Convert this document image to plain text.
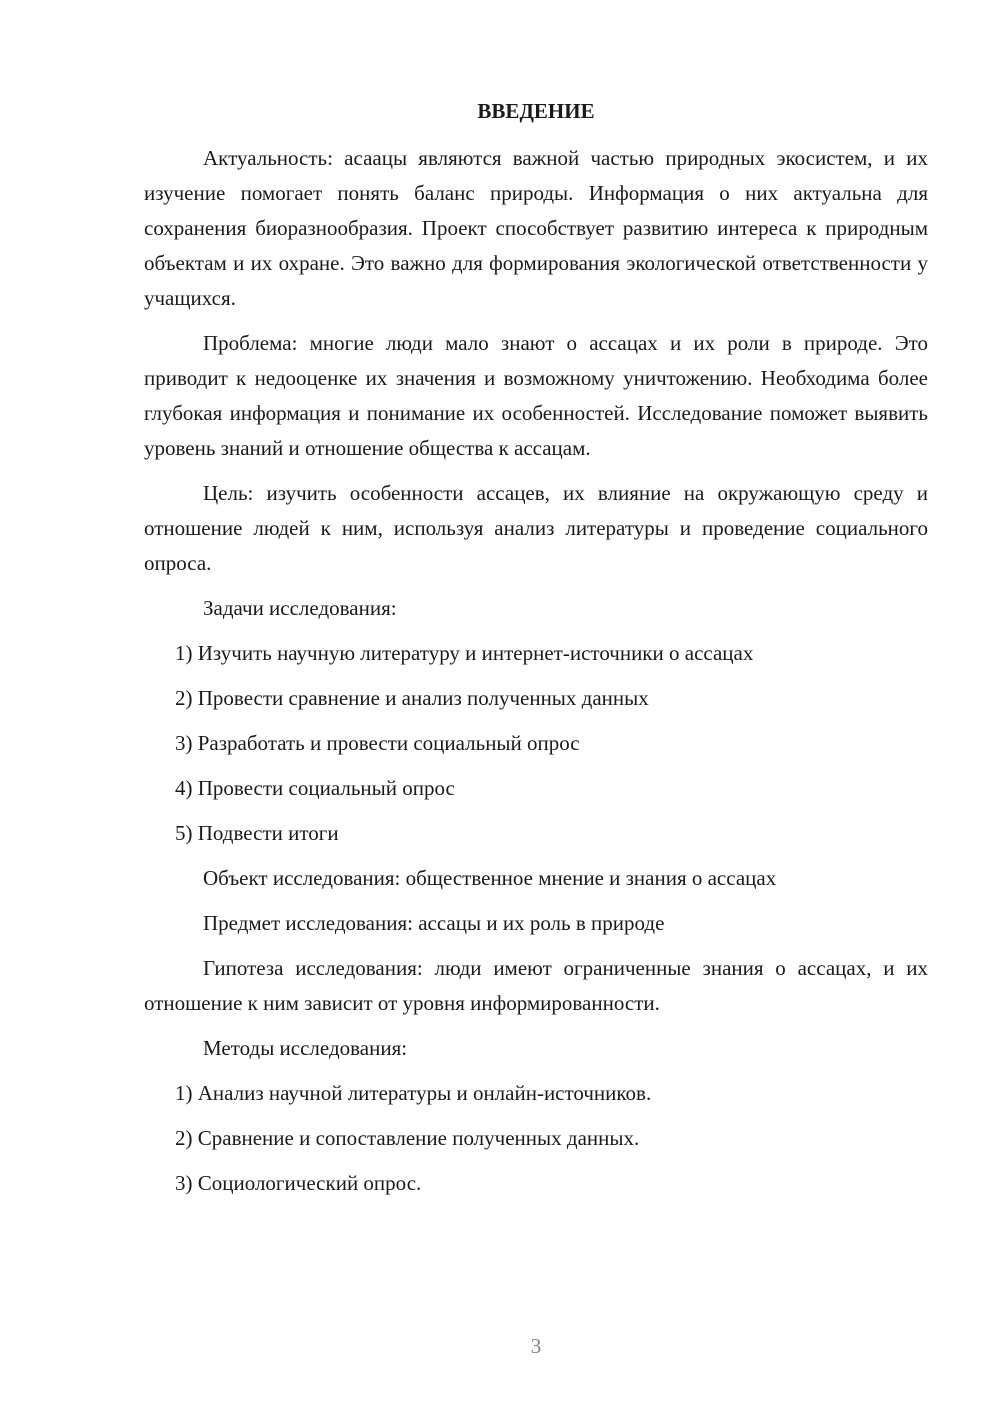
ВВЕДЕНИЕ

Актуальность: асаацы являются важной частью природных экосистем, и их изучение помогает понять баланс природы. Информация о них актуальна для сохранения биоразнообразия. Проект способствует развитию интереса к природным объектам и их охране. Это важно для формирования экологической ответственности у учащихся.

Проблема: многие люди мало знают о ассацах и их роли в природе. Это приводит к недооценке их значения и возможному уничтожению. Необходима более глубокая информация и понимание их особенностей. Исследование поможет выявить уровень знаний и отношение общества к ассацам.

Цель: изучить особенности ассацев, их влияние на окружающую среду и отношение людей к ним, используя анализ литературы и проведение социального опроса.

Задачи исследования:

1) Изучить научную литературу и интернет-источники о ассацах
2) Провести сравнение и анализ полученных данных
3) Разработать и провести социальный опрос
4) Провести социальный опрос
5) Подвести итоги

Объект исследования: общественное мнение и знания о ассацах

Предмет исследования: ассацы и их роль в природе

Гипотеза исследования: люди имеют ограниченные знания о ассацах, и их отношение к ним зависит от уровня информированности.

Методы исследования:

1) Анализ научной литературы и онлайн-источников.
2) Сравнение и сопоставление полученных данных.
3) Социологический опрос.
3
